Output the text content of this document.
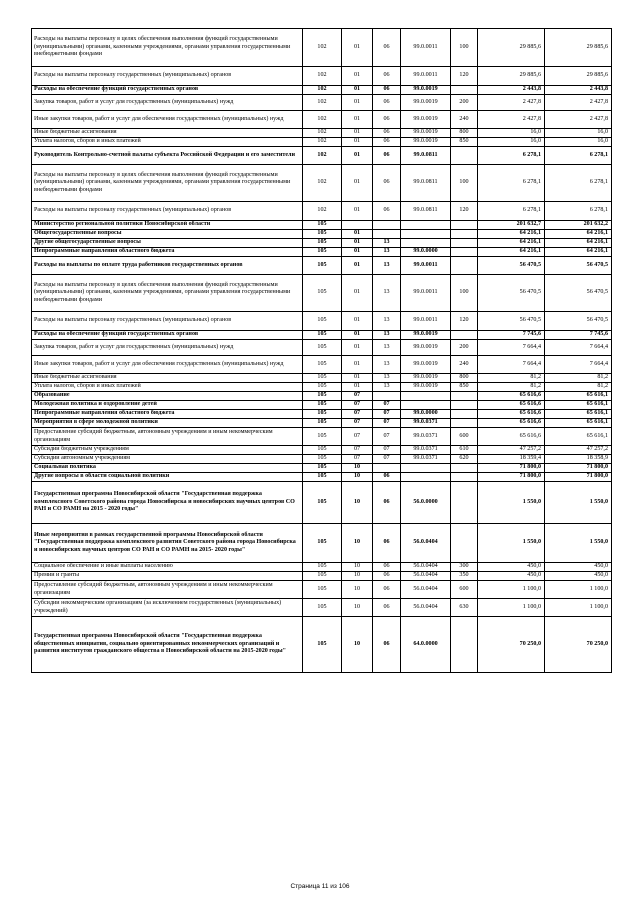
Расходы на выплаты персоналу в целях обеспечения выполнения функций государственными (муниципальными) органами, казенными учреждениями, органами управления государственными внебюджетными фондами	102	01	06	99.0.0011	100	29 885,6	29 885,6
Расходы на выплаты персоналу государственных (муниципальных) органов	102	01	06	99.0.0011	120	29 885,6	29 885,6
Расходы на обеспечение функций государственных органов	102	01	06	99.0.0019		2 443,8	2 443,8
Закупка товаров, работ и услуг для государственных (муниципальных) нужд	102	01	06	99.0.0019	200	2 427,8	2 427,8
Иные закупки товаров, работ и услуг для обеспечения государственных (муниципальных) нужд	102	01	06	99.0.0019	240	2 427,8	2 427,8
Иные бюджетные ассигнования	102	01	06	99.0.0019	800	16,0	16,0
Уплата налогов, сборов и иных платежей	102	01	06	99.0.0019	850	16,0	16,0
Руководитель Контрольно-счетной палаты субъекта Российской Федерации и его заместители	102	01	06	99.0.0811		6 278,1	6 278,1
Расходы на выплаты персоналу в целях обеспечения выполнения функций государственными (муниципальными) органами, казенными учреждениями, органами управления государственными внебюджетными фондами	102	01	06	99.0.0811	100	6 278,1	6 278,1
Расходы на выплаты персоналу государственных (муниципальных) органов	102	01	06	99.0.0811	120	6 278,1	6 278,1
Министерство региональной политики Новосибирской области	105					201 632,7	201 632,2
Общегосударственные вопросы	105	01				64 216,1	64 216,1
Другие общегосударственные вопросы	105	01	13			64 216,1	64 216,1
Непрограммные направления областного бюджета	105	01	13	99.0.0000		64 216,1	64 216,1
Расходы на выплаты по оплате труда работников государственных органов	105	01	13	99.0.0011		56 470,5	56 470,5
Расходы на выплаты персоналу в целях обеспечения выполнения функций государственными (муниципальными) органами, казенными учреждениями, органами управления государственными внебюджетными фондами	105	01	13	99.0.0011	100	56 470,5	56 470,5
Расходы на выплаты персоналу государственных (муниципальных) органов	105	01	13	99.0.0011	120	56 470,5	56 470,5
Расходы на обеспечение функций государственных органов	105	01	13	99.0.0019		7 745,6	7 745,6
Закупка товаров, работ и услуг для государственных (муниципальных) нужд	105	01	13	99.0.0019	200	7 664,4	7 664,4
Иные закупки товаров, работ и услуг для обеспечения государственных (муниципальных) нужд	105	01	13	99.0.0019	240	7 664,4	7 664,4
Иные бюджетные ассигнования	105	01	13	99.0.0019	800	81,2	81,2
Уплата налогов, сборов и иных платежей	105	01	13	99.0.0019	850	81,2	81,2
Образование	105	07				65 616,6	65 616,1
Молодежная политика и оздоровление детей	105	07	07			65 616,6	65 616,1
Непрограммные направления областного бюджета	105	07	07	99.0.0000		65 616,6	65 616,1
Мероприятия в сфере молодежной политики	105	07	07	99.0.0371		65 616,6	65 616,1
Предоставление субсидий бюджетным, автономным учреждениям и иным некоммерческим организациям	105	07	07	99.0.0371	600	65 616,6	65 616,1
Субсидии бюджетным учреждениям	105	07	07	99.0.0371	610	47 257,2	47 257,2
Субсидии автономным учреждениям	105	07	07	99.0.0371	620	18 359,4	18 358,9
Социальная политика	105	10				71 800,0	71 800,0
Другие вопросы в области социальной политики	105	10	06			71 800,0	71 800,0
Государственная программа Новосибирской области "Государственная поддержка комплексного Советского района города Новосибирска и новосибирских научных центров СО РАН и СО РАМН на 2015 - 2020 годы"	105	10	06	56.0.0000		1 550,0	1 550,0
Иные мероприятия в рамках государственной программы Новосибирской области "Государственная поддержка комплексного развития Советского района города Новосибирска и новосибирских научных центров СО РАН и СО РАМН на 2015- 2020 годы"	105	10	06	56.0.0404		1 550,0	1 550,0
Социальное обеспечение и иные выплаты населению	105	10	06	56.0.0404	300	450,0	450,0
Премии и гранты	105	10	06	56.0.0404	350	450,0	450,0
Предоставление субсидий бюджетным, автономным учреждениям и иным некоммерческим организациям	105	10	06	56.0.0404	600	1 100,0	1 100,0
Субсидии некоммерческим организациям (за исключением государственных (муниципальных) учреждений)	105	10	06	56.0.0404	630	1 100,0	1 100,0
Государственная программа Новосибирской области "Государственная поддержка общественных инициатив, социально ориентированных некоммерческих организаций и развития институтов гражданского общества в Новосибирской области на 2015-2020 годы"	105	10	06	64.0.0000		70 250,0	70 250,0
Страница 11 из 106
